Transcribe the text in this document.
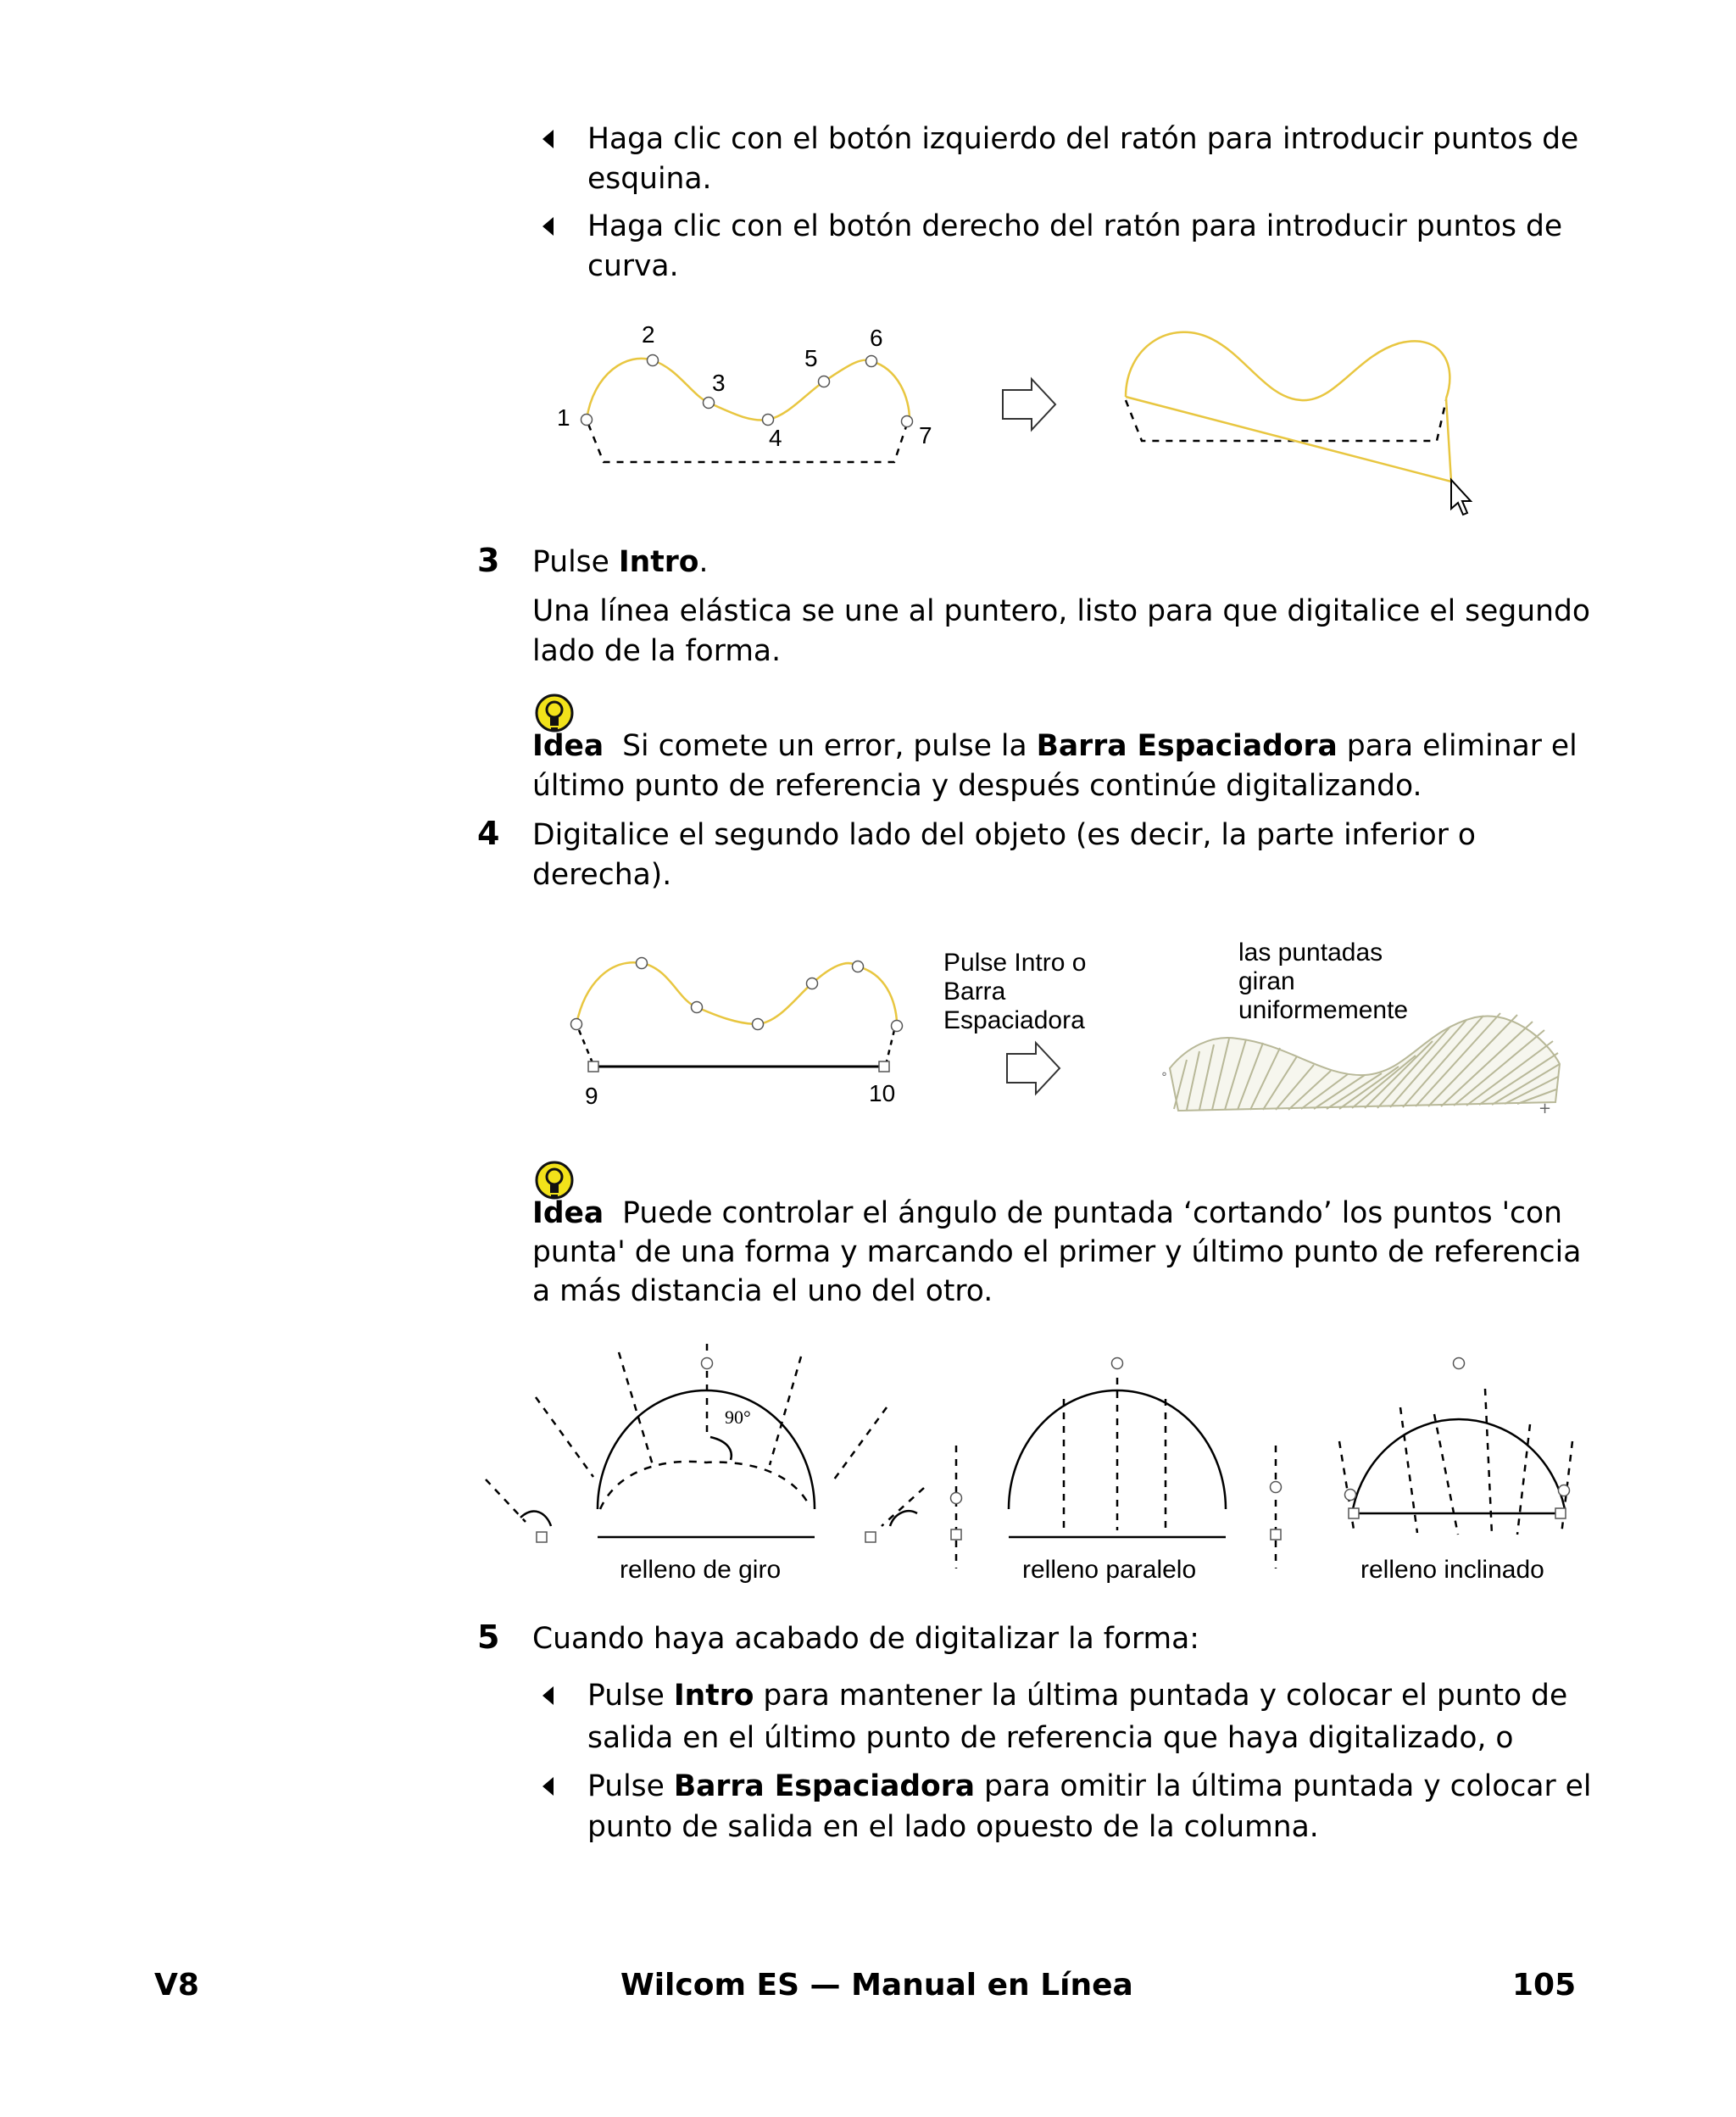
Haga clic con el botón izquierdo del ratón para introducir puntos de
esquina.
Haga clic con el botón derecho del ratón para introducir puntos de
curva.
1
2
3
4
5
6
7
3 Pulse Intro.
Una línea elástica se une al puntero, listo para que digitalice el segundo
lado de la forma.
Idea Si comete un error, pulse la Barra Espaciadora para eliminar el
último punto de referencia y después continúe digitalizando.
4 Digitalice el segundo lado del objeto (es decir, la parte inferior o
derecha).
°
+
9	10
Pulse Intro o
Barra
Espaciadora
las puntadas
giran
uniformemente
Idea Puede controlar el ángulo de puntada ‘cortando’ los puntos 'con
punta' de una forma y marcando el primer y último punto de referencia
a más distancia el uno del otro.
90°
relleno de giro	relleno paralelo	relleno inclinado
5 Cuando haya acabado de digitalizar la forma:
Pulse Intro para mantener la última puntada y colocar el punto de
salida en el último punto de referencia que haya digitalizado, o
Pulse Barra Espaciadora para omitir la última puntada y colocar el
punto de salida en el lado opuesto de la columna.
V8	Wilcom ES — Manual en Línea	105
